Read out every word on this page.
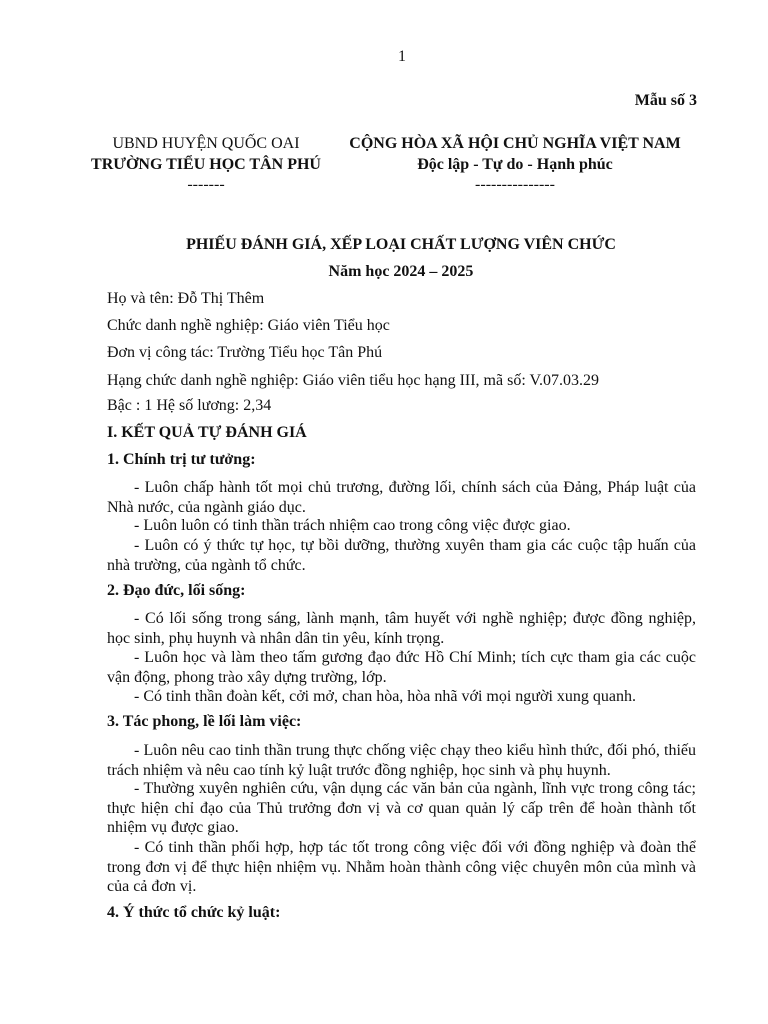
1
Mẫu số 3
UBND HUYỆN QUỐC OAI
TRƯỜNG TIỂU HỌC TÂN PHÚ
-------
CỘNG HÒA XÃ HỘI CHỦ NGHĨA VIỆT NAM
Độc lập - Tự do - Hạnh phúc
---------------
PHIẾU ĐÁNH GIÁ, XẾP LOẠI CHẤT LƯỢNG VIÊN CHỨC
Năm học 2024 – 2025
Họ và tên: Đỗ Thị Thêm
Chức danh nghề nghiệp: Giáo viên Tiểu học
Đơn vị công tác: Trường Tiểu học Tân Phú
Hạng chức danh nghề nghiệp: Giáo viên tiểu học hạng III, mã số: V.07.03.29
Bậc : 1 Hệ số lương: 2,34
I. KẾT QUẢ TỰ ĐÁNH GIÁ
1. Chính trị tư tưởng:
- Luôn chấp hành tốt mọi chủ trương, đường lối, chính sách của Đảng, Pháp luật của Nhà nước, của ngành giáo dục.
- Luôn luôn có tinh thần trách nhiệm cao trong công việc được giao.
- Luôn có ý thức tự học, tự bồi dưỡng, thường xuyên tham gia các cuộc tập huấn của nhà trường, của ngành tổ chức.
2. Đạo đức, lối sống:
- Có lối sống trong sáng, lành mạnh, tâm huyết với nghề nghiệp; được đồng nghiệp, học sinh, phụ huynh và nhân dân tin yêu, kính trọng.
- Luôn học và làm theo tấm gương đạo đức Hồ Chí Minh; tích cực tham gia các cuộc vận động, phong trào xây dựng trường, lớp.
- Có tinh thần đoàn kết, cởi mở, chan hòa, hòa nhã với mọi người xung quanh.
3. Tác phong, lề lối làm việc:
- Luôn nêu cao tinh thần trung thực chống việc chạy theo kiểu hình thức, đối phó, thiếu trách nhiệm và nêu cao tính kỷ luật trước đồng nghiệp, học sinh và phụ huynh.
- Thường xuyên nghiên cứu, vận dụng các văn bản của ngành, lĩnh vực trong công tác; thực hiện chỉ đạo của Thủ trưởng đơn vị và cơ quan quản lý cấp trên để hoàn thành tốt nhiệm vụ được giao.
- Có tinh thần phối hợp, hợp tác tốt trong công việc đối với đồng nghiệp và đoàn thể trong đơn vị để thực hiện nhiệm vụ. Nhằm hoàn thành công việc chuyên môn của mình và của cả đơn vị.
4. Ý thức tổ chức kỷ luật:
